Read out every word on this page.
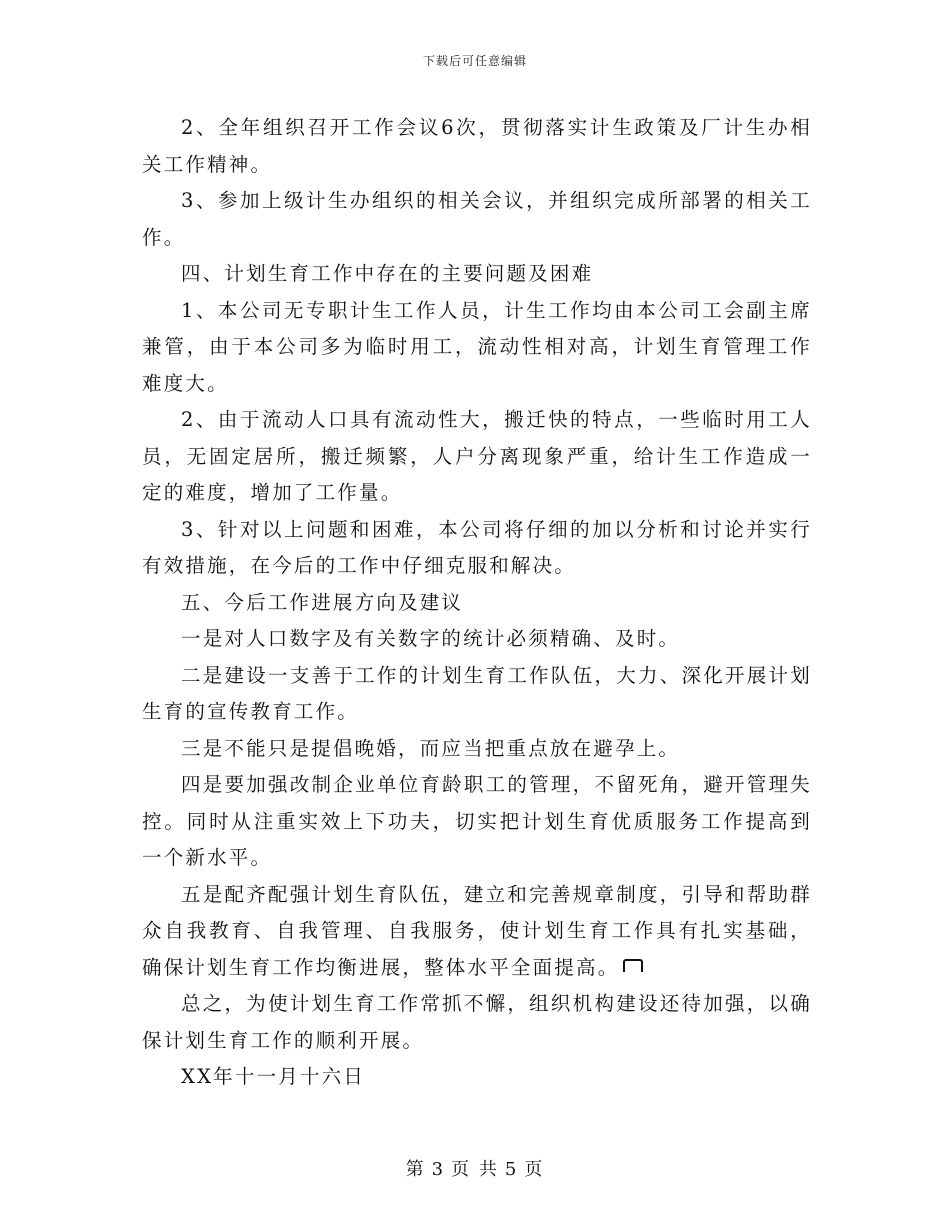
下载后可任意编辑

2、全年组织召开工作会议6次，贯彻落实计生政策及厂计生办相关工作精神。

3、参加上级计生办组织的相关会议，并组织完成所部署的相关工作。

四、计划生育工作中存在的主要问题及困难

1、本公司无专职计生工作人员，计生工作均由本公司工会副主席兼管，由于本公司多为临时用工，流动性相对高，计划生育管理工作难度大。

2、由于流动人口具有流动性大，搬迁快的特点，一些临时用工人员，无固定居所，搬迁频繁，人户分离现象严重，给计生工作造成一定的难度，增加了工作量。

3、针对以上问题和困难，本公司将仔细的加以分析和讨论并实行有效措施，在今后的工作中仔细克服和解决。

五、今后工作进展方向及建议

一是对人口数字及有关数字的统计必须精确、及时。

二是建设一支善于工作的计划生育工作队伍，大力、深化开展计划生育的宣传教育工作。

三是不能只是提倡晚婚，而应当把重点放在避孕上。

四是要加强改制企业单位育龄职工的管理，不留死角，避开管理失控。同时从注重实效上下功夫，切实把计划生育优质服务工作提高到一个新水平。

五是配齐配强计划生育队伍，建立和完善规章制度，引导和帮助群众自我教育、自我管理、自我服务，使计划生育工作具有扎实基础，确保计划生育工作均衡进展，整体水平全面提高。

总之，为使计划生育工作常抓不懈，组织机构建设还待加强，以确保计划生育工作的顺利开展。

XX年十一月十六日

第 3 页 共 5 页
